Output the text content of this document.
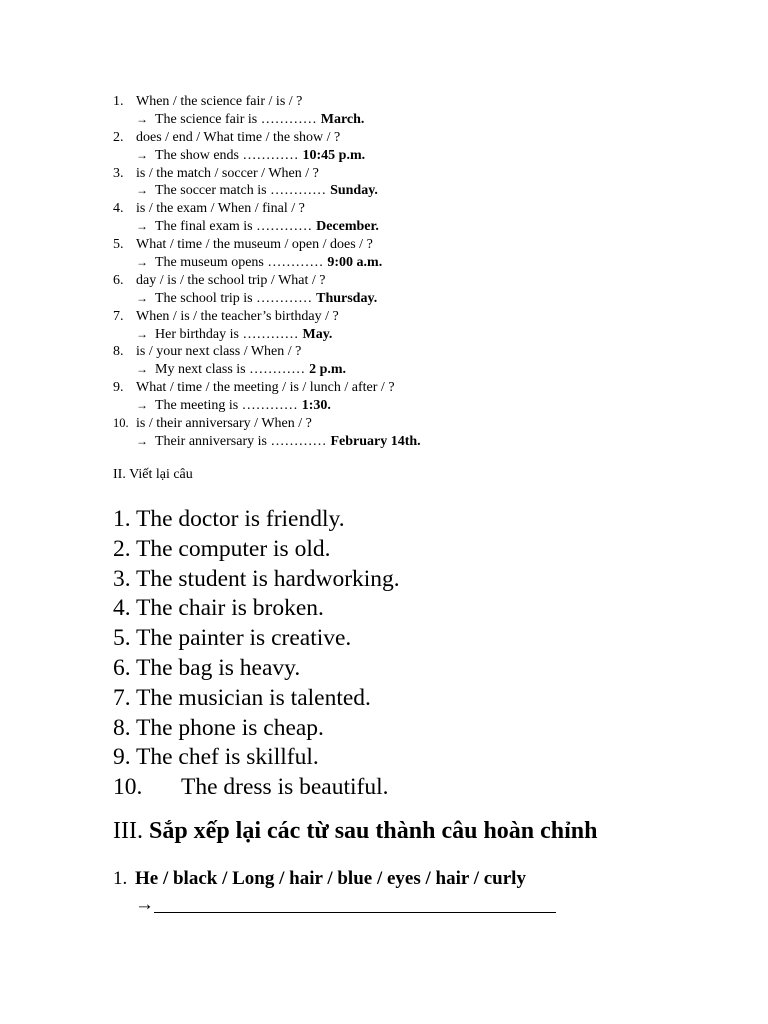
1. When / the science fair / is / ?
→ The science fair is ………… March.
2. does / end / What time / the show / ?
→ The show ends ………… 10:45 p.m.
3. is / the match / soccer / When / ?
→ The soccer match is ………… Sunday.
4. is / the exam / When / final / ?
→ The final exam is ………… December.
5. What / time / the museum / open / does / ?
→ The museum opens ………… 9:00 a.m.
6. day / is / the school trip / What / ?
→ The school trip is ………… Thursday.
7. When / is / the teacher’s birthday / ?
→ Her birthday is ………… May.
8. is / your next class / When / ?
→ My next class is ………… 2 p.m.
9. What / time / the meeting / is / lunch / after / ?
→ The meeting is ………… 1:30.
10. is / their anniversary / When / ?
→ Their anniversary is ………… February 14th.
II. Viết lại câu
1. The doctor is friendly.
2. The computer is old.
3. The student is hardworking.
4. The chair is broken.
5. The painter is creative.
6. The bag is heavy.
7. The musician is talented.
8. The phone is cheap.
9. The chef is skillful.
10.	The dress is beautiful.
III. Sắp xếp lại các từ sau thành câu hoàn chỉnh
1. He / black / Long / hair / blue / eyes / hair / curly
→
